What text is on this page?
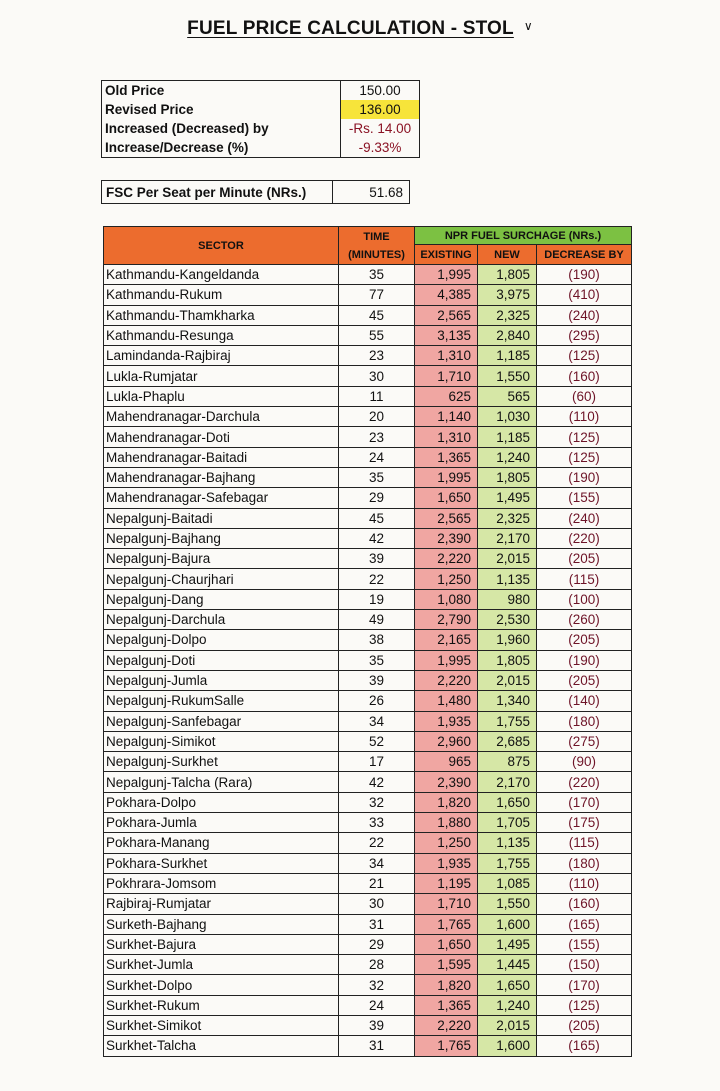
FUEL PRICE CALCULATION - STOL ∨
Old Price	150.00
Revised Price	136.00
Increased (Decreased) by	-Rs. 14.00
Increase/Decrease (%)	-9.33%
FSC Per Seat per Minute (NRs.)	51.68
SECTOR	TIME (MINUTES)	NPR FUEL SURCHAGE (NRs.)		
		EXISTING	NEW	DECREASE BY
Kathmandu-Kangeldanda	35	1,995	1,805	(190)
Kathmandu-Rukum	77	4,385	3,975	(410)
Kathmandu-Thamkharka	45	2,565	2,325	(240)
Kathmandu-Resunga	55	3,135	2,840	(295)
Lamindanda-Rajbiraj	23	1,310	1,185	(125)
Lukla-Rumjatar	30	1,710	1,550	(160)
Lukla-Phaplu	11	625	565	(60)
Mahendranagar-Darchula	20	1,140	1,030	(110)
Mahendranagar-Doti	23	1,310	1,185	(125)
Mahendranagar-Baitadi	24	1,365	1,240	(125)
Mahendranagar-Bajhang	35	1,995	1,805	(190)
Mahendranagar-Safebagar	29	1,650	1,495	(155)
Nepalgunj-Baitadi	45	2,565	2,325	(240)
Nepalgunj-Bajhang	42	2,390	2,170	(220)
Nepalgunj-Bajura	39	2,220	2,015	(205)
Nepalgunj-Chaurjhari	22	1,250	1,135	(115)
Nepalgunj-Dang	19	1,080	980	(100)
Nepalgunj-Darchula	49	2,790	2,530	(260)
Nepalgunj-Dolpo	38	2,165	1,960	(205)
Nepalgunj-Doti	35	1,995	1,805	(190)
Nepalgunj-Jumla	39	2,220	2,015	(205)
Nepalgunj-RukumSalle	26	1,480	1,340	(140)
Nepalgunj-Sanfebagar	34	1,935	1,755	(180)
Nepalgunj-Simikot	52	2,960	2,685	(275)
Nepalgunj-Surkhet	17	965	875	(90)
Nepalgunj-Talcha (Rara)	42	2,390	2,170	(220)
Pokhara-Dolpo	32	1,820	1,650	(170)
Pokhara-Jumla	33	1,880	1,705	(175)
Pokhara-Manang	22	1,250	1,135	(115)
Pokhara-Surkhet	34	1,935	1,755	(180)
Pokhrara-Jomsom	21	1,195	1,085	(110)
Rajbiraj-Rumjatar	30	1,710	1,550	(160)
Surketh-Bajhang	31	1,765	1,600	(165)
Surkhet-Bajura	29	1,650	1,495	(155)
Surkhet-Jumla	28	1,595	1,445	(150)
Surkhet-Dolpo	32	1,820	1,650	(170)
Surkhet-Rukum	24	1,365	1,240	(125)
Surkhet-Simikot	39	2,220	2,015	(205)
Surkhet-Talcha	31	1,765	1,600	(165)
